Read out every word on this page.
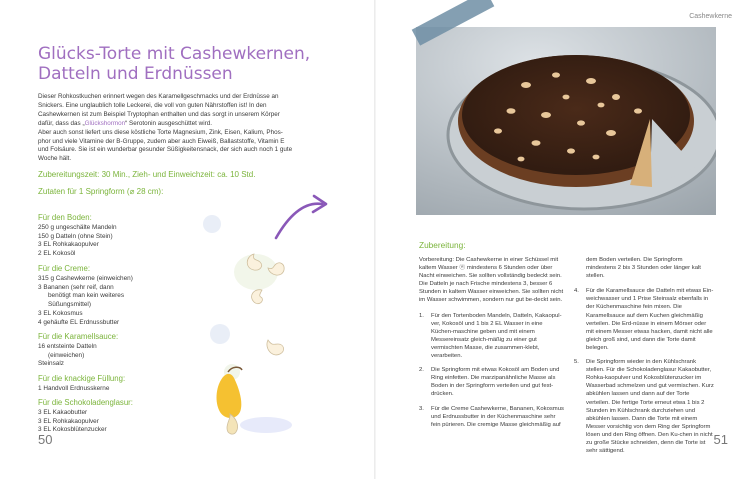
Glücks-Torte mit Cashewkernen,
Datteln und Erdnüssen

Dieser Rohkostkuchen erinnert wegen des Karamellgeschmacks und der Erdnüsse an

Snickers. Eine unglaublich tolle Leckerei, die voll von guten Nährstoffen ist! In den

Cashewkernen ist zum Beispiel Tryptophan enthalten und das sorgt in unserem Körper

dafür, dass das „Glückshormon“ Serotonin ausgeschüttet wird.

Aber auch sonst liefert uns diese köstliche Torte Magnesium, Zink, Eisen, Kalium, Phos-

phor und viele Vitamine der B-Gruppe, zudem aber auch Eiweiß, Ballaststoffe, Vitamin E

und Folsäure. Sie ist ein wunderbar gesunder Süßigkeitensnack, der sich auch noch 1 gute

Woche hält.

Zubereitungszeit: 30 Min., Zieh- und Einweichzeit: ca. 10 Std.
Zutaten für 1 Springform (⌀ 28 cm):
Für den Boden:
250 g ungeschälte Mandeln
150 g Datteln (ohne Stein)
3 EL Rohkakaopulver
2 EL Kokosöl
Für die Creme:
315 g Cashewkerne (einweichen)
3 Bananen (sehr reif, dann
benötigt man kein weiteres
Süßungsmittel)
3 EL Kokosmus
4 gehäufte EL Erdnussbutter
Für die Karamellsauce:
16 entsteinte Datteln
(einweichen)
Steinsalz
Für die knackige Füllung:
1 Handvoll Erdnusskerne
Für die Schokoladenglasur:
3 EL Kakaobutter
3 EL Rohkakaopulver
3 EL Kokosblütenzucker
50
Cashewkerne
Zubereitung:

Vorbereitung: Die Cashewkerne in einer Schüssel mit kaltem Wasser ⓦ mindestens 6 Stunden oder über Nacht einweichen. Sie sollten vollständig bedeckt sein. Die Datteln je nach Frische mindestens 3, besser 6 Stunden in kaltem Wasser einweichen. Sie sollten nicht im Wasser schwimmen, sondern nur gut be-deckt sein.

1.	Für den Tortenboden Mandeln, Datteln, Kakaopul-ver, Kokosöl und 1 bis 2 EL Wasser in eine Küchen-maschine geben und mit einem Messereinsatz gleich-mäßig zu einer gut vermischten Masse, die zusammen-klebt, verarbeiten.
2.	Die Springform mit etwas Kokosöl am Boden und Ring einfetten. Die marzipanähnliche Masse als Boden in der Springform verteilen und gut fest-drücken.
3.	Für die Creme Cashewkerne, Bananen, Kokosmus und Erdnussbutter in der Küchenmaschine sehr fein pürieren. Die cremige Masse gleichmäßig auf

dem Boden verteilen. Die Springform mindestens 2 bis 3 Stunden oder länger kalt stellen.

4.	Für die Karamellsauce die Datteln mit etwas Ein-weichwasser und 1 Prise Steinsalz ebenfalls in der Küchenmaschine fein mixen. Die Karamellsauce auf dem Kuchen gleichmäßig verteilen. Die Erd-nüsse in einem Mörser oder mit einem Messer etwas hacken, damit nicht alle gleich groß sind, und dann die Torte damit belegen.
5.	Die Springform wieder in den Kühlschrank stellen. Für die Schokoladenglasur Kakaobutter, Rohka-kaopulver und Kokosblütenzucker im Wasserbad schmelzen und gut vermischen. Kurz abkühlen lassen und dann auf der Torte verteilen. Die fertige Torte erneut etwa 1 bis 2 Stunden im Kühlschrank durchziehen und abkühlen lassen. Dann die Torte mit einem Messer vorsichtig von dem Ring der Springform lösen und den Ring öffnen. Den Ku-chen in nicht zu große Stücke schneiden, denn die Torte ist sehr sättigend.
51
